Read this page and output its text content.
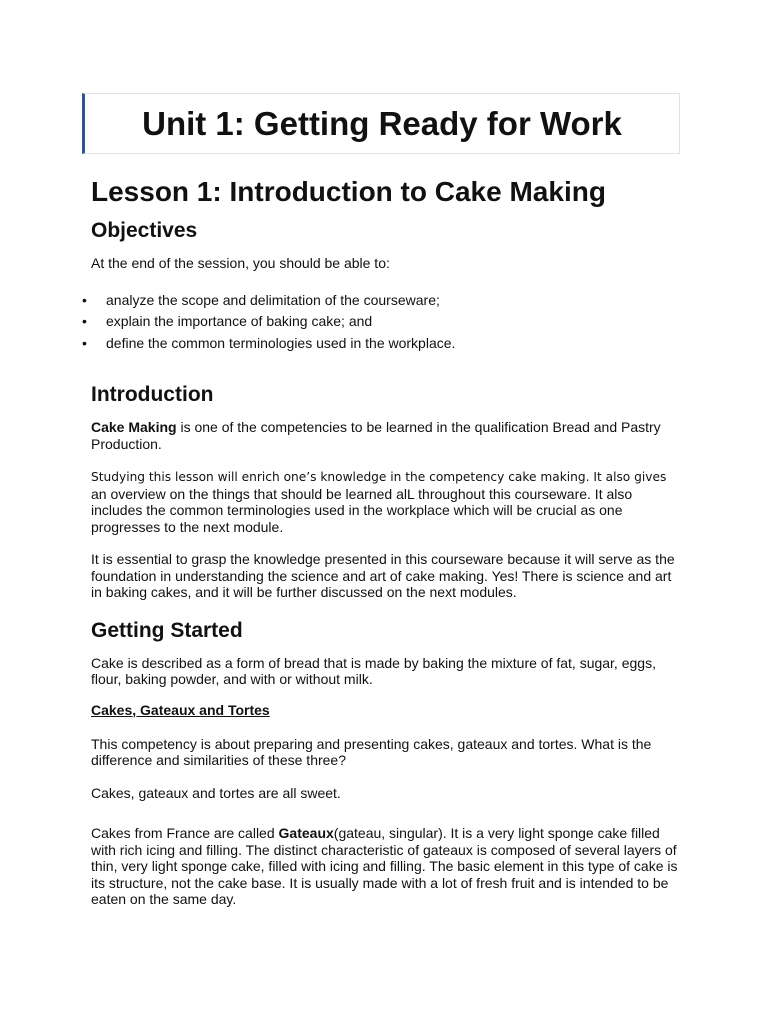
Unit 1: Getting Ready for Work
Lesson 1: Introduction to Cake Making
Objectives

At the end of the session, you should be able to:

•	analyze the scope and delimitation of the courseware;
•	explain the importance of baking cake; and
•	define the common terminologies used in the workplace.
Introduction

Cake Making is one of the competencies to be learned in the qualification Bread and Pastry Production.

Studying this lesson will enrich one’s knowledge in the competency cake making. It also gives an overview on the things that should be learned alL throughout this courseware. It also includes the common terminologies used in the workplace which will be crucial as one progresses to the next module.

It is essential to grasp the knowledge presented in this courseware because it will serve as the foundation in understanding the science and art of cake making. Yes! There is science and art in baking cakes, and it will be further discussed on the next modules.

Getting Started

Cake is described as a form of bread that is made by baking the mixture of fat, sugar, eggs, flour, baking powder, and with or without milk.

Cakes, Gateaux and Tortes

This competency is about preparing and presenting cakes, gateaux and tortes. What is the difference and similarities of these three?

Cakes, gateaux and tortes are all sweet.

Cakes from France are called Gateaux(gateau, singular). It is a very light sponge cake filled with rich icing and filling. The distinct characteristic of gateaux is composed of several layers of thin, very light sponge cake, filled with icing and filling. The basic element in this type of cake is its structure, not the cake base. It is usually made with a lot of fresh fruit and is intended to be eaten on the same day.
